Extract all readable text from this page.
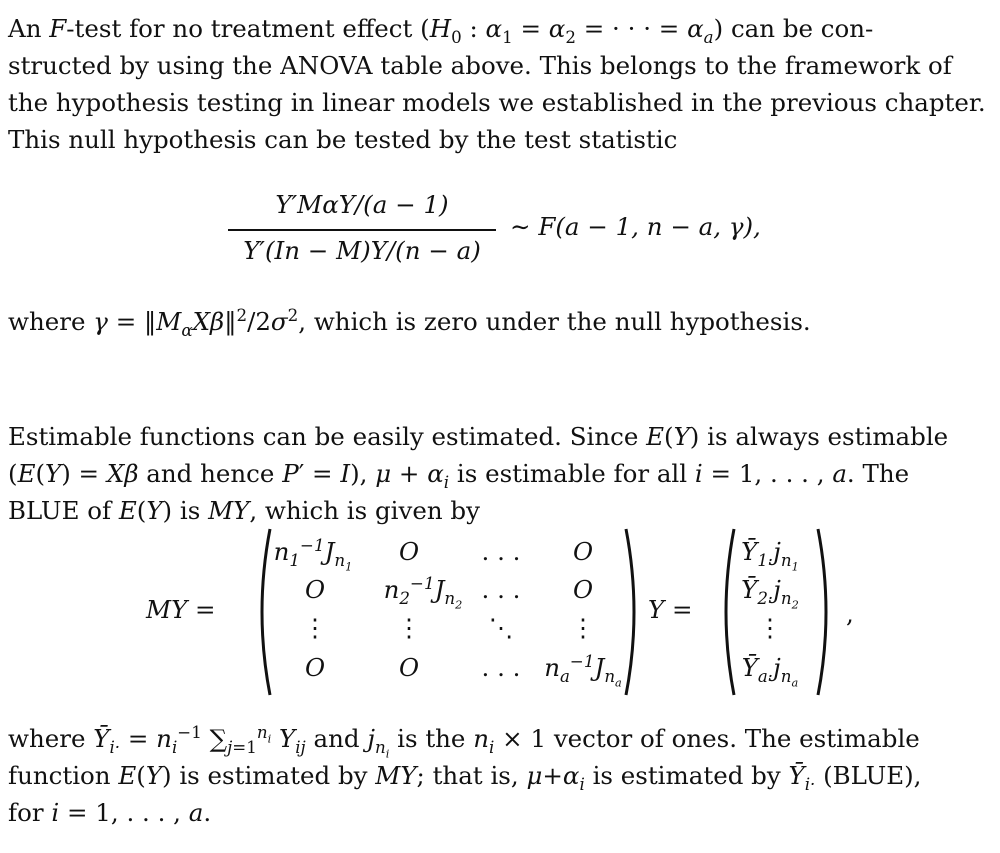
An F-test for no treatment effect ($H_0$ : $\alpha_1 = \alpha_2$ = · · · = $\alpha_a$) can be con-
structed by using the ANOVA table above. This belongs to the framework of
the hypothesis testing in linear models we established in the previous chapter.
This null hypothesis can be tested by the test statistic
Y′MαY/(a − 1)
Y′(In − M)Y/(n − a)
∼ F(a − 1, n − a, γ),
where $\gamma = ‖M_\alpha X\beta‖^2/2\sigma^2$, which is zero under the null hypothesis.
Estimable functions can be easily estimated. Since E(Y) is always estimable
(E(Y) = Xβ and hence P′ = I), $\mu + \alpha_i$ is estimable for all i = 1, . . . , a. The
BLUE of E(Y) is MY, which is given by
MY =
$n_1^{-1}J_{n_1}$
O
⋮
O
O
$n_2^{-1}J_{n_2}$
⋮
O
. . .
. . .
⋱
. . .
O
O
⋮
$n_a^{-1}J_{n_a}$
Y =
$Ȳ_{1\cdot}j_{n_1}$
$Ȳ_{2\cdot}j_{n_2}$
⋮
$Ȳ_{a\cdot}j_{n_a}$
,
where $Ȳ_{i\cdot} = n_i^{-1}$ $\sum_{j=1}^{n_i}$ $Y_{ij}$ and $j_{n_i}$ is the $n_i \times 1$ vector of ones. The estimable
function E(Y) is estimated by MY; that is, $\mu+\alpha_i$ is estimated by $Ȳ_{i\cdot}$ (BLUE),
for i = 1, . . . , a.
